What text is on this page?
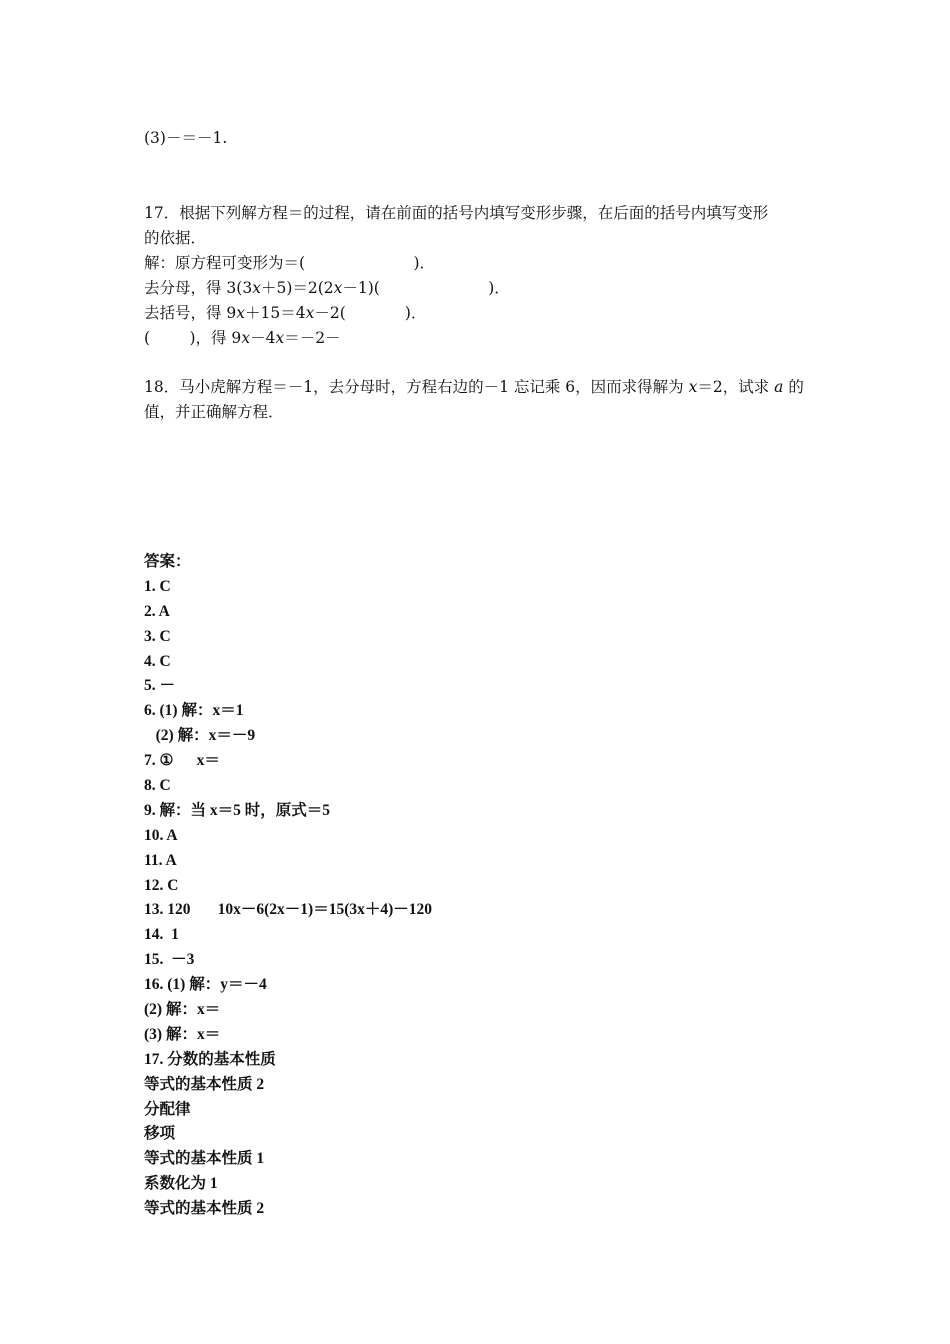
(3)－＝－1.
17．根据下列解方程＝的过程，请在前面的括号内填写变形步骤，在后面的括号内填写变形
的依据．
解：原方程可变形为＝(                      )．
去分母，得 3(3x＋5)＝2(2x－1)(                      )．
去括号，得 9x＋15＝4x－2(            )．
(        )，得 9x－4x＝－2－
18．马小虎解方程＝－1，去分母时，方程右边的－1 忘记乘 6，因而求得解为 x＝2，试求 a 的
值，并正确解方程．
答案：
1. C
2. A
3. C
4. C
5. －
6. (1) 解：x＝1
(2) 解：x＝－9
7. ①      x＝
8. C
9. 解：当 x＝5 时，原式＝5
10. A
11. A
12. C
13. 120       10x－6(2x－1)＝15(3x＋4)－120
14.  1
15.  －3
16. (1) 解：y＝－4
(2) 解：x＝
(3) 解：x＝
17. 分数的基本性质
等式的基本性质 2
分配律
移项
等式的基本性质 1
系数化为 1
等式的基本性质 2
